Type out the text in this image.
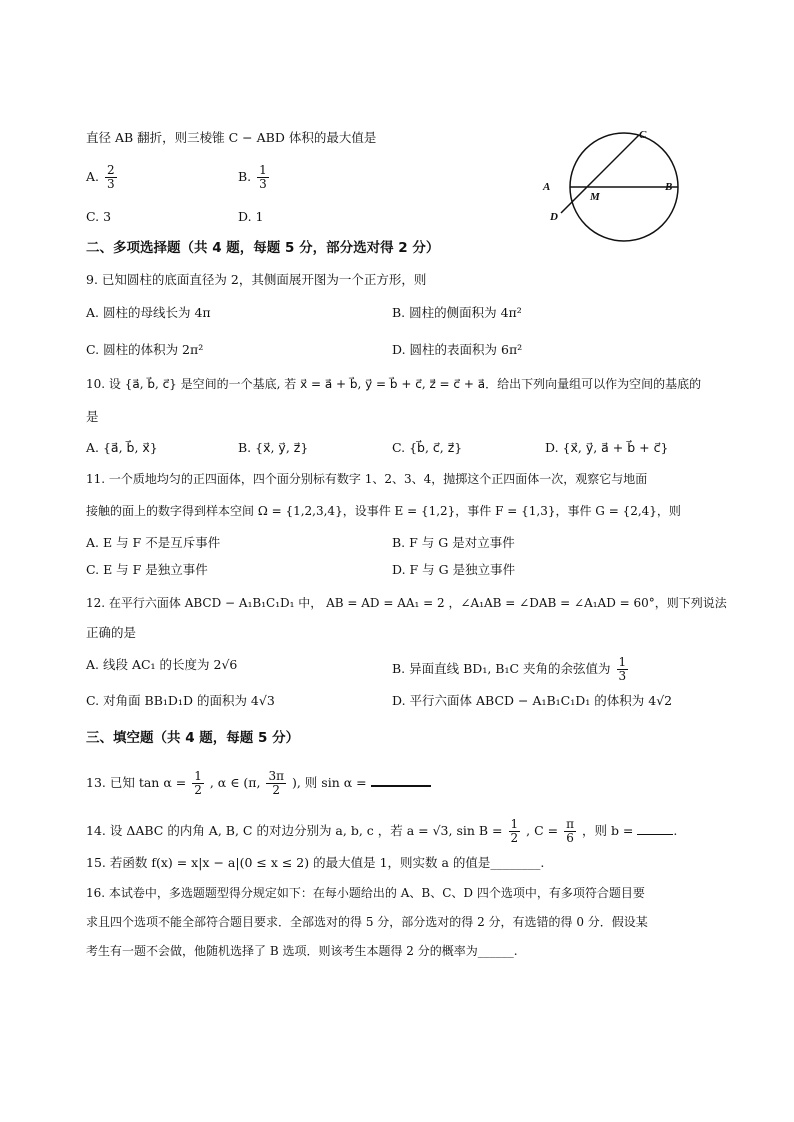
直径 AB 翻折，则三棱锥 C − ABD 体积的最大值是
A. $\frac{2}{3}$	B. $\frac{1}{3}$
C. 3	D. 1
A	B
C
D
M
二、多项选择题（共 4 题，每题 5 分，部分选对得 2 分）
9. 已知圆柱的底面直径为 2，其侧面展开图为一个正方形，则
A. 圆柱的母线长为 4π	B. 圆柱的侧面积为 4π²
C. 圆柱的体积为 2π²	D. 圆柱的表面积为 6π²
10. 设 {a⃗, b⃗, c⃗} 是空间的一个基底, 若 x⃗ = a⃗ + b⃗, y⃗ = b⃗ + c⃗, z⃗ = c⃗ + a⃗．给出下列向量组可以作为空间的基底的
是
A. {a⃗, b⃗, x⃗}	B. {x⃗, y⃗, z⃗}	C. {b⃗, c⃗, z⃗}	D. {x⃗, y⃗, a⃗ + b⃗ + c⃗}
11. 一个质地均匀的正四面体，四个面分别标有数字 1、2、3、4，抛掷这个正四面体一次，观察它与地面
接触的面上的数字得到样本空间 Ω = {1,2,3,4}，设事件 E = {1,2}，事件 F = {1,3}，事件 G = {2,4}，则
A. E 与 F 不是互斥事件	B. F 与 G 是对立事件
C. E 与 F 是独立事件	D. F 与 G 是独立事件
12. 在平行六面体 ABCD − A₁B₁C₁D₁ 中， AB = AD = AA₁ = 2 ，∠A₁AB = ∠DAB = ∠A₁AD = 60°，则下列说法
正确的是
A. 线段 AC₁ 的长度为 2√6	B. 异面直线 BD₁, B₁C 夹角的余弦值为 $\frac{1}{3}$
C. 对角面 BB₁D₁D 的面积为 4√3	D. 平行六面体 ABCD − A₁B₁C₁D₁ 的体积为 4√2
三、填空题（共 4 题，每题 5 分）
13. 已知 $\tan \alpha = \frac{1}{2}$ , α ∈ (π, $\frac{3\pi}{2}$ ), 则 sin α =
14. 设 ΔABC 的内角 A, B, C 的对边分别为 a, b, c ，若 a = √3, $\sin B = \frac{1}{2}$ , $C = \frac{\pi}{6}$ ，则 b =	.
15. 若函数 f(x) = x|x − a|(0 ≤ x ≤ 2) 的最大值是 1，则实数 a 的值是________.
16. 本试卷中，多选题题型得分规定如下：在每小题给出的 A、B、C、D 四个选项中，有多项符合题目要
求且四个选项不能全部符合题目要求．全部选对的得 5 分，部分选对的得 2 分，有选错的得 0 分．假设某
考生有一题不会做，他随机选择了 B 选项．则该考生本题得 2 分的概率为______.
